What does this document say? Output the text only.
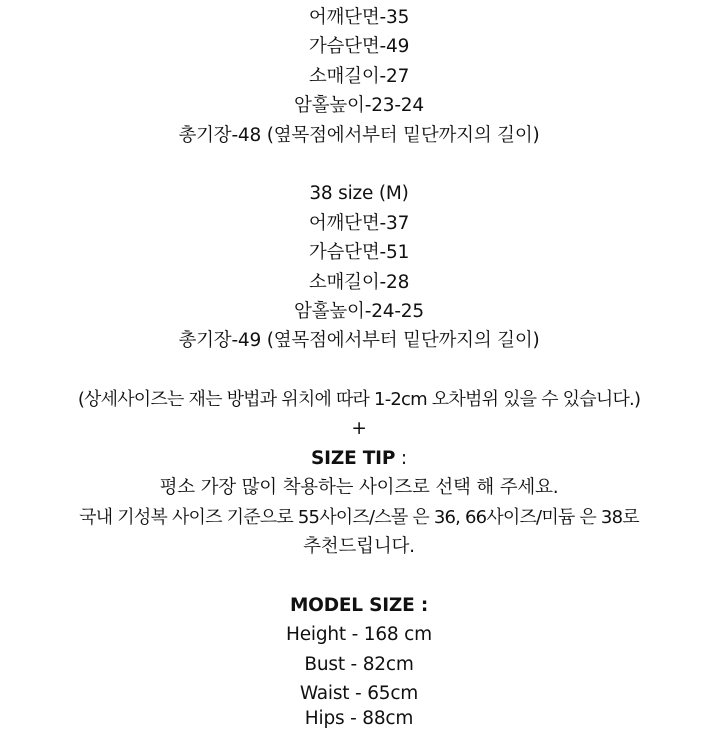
어깨단면-35
가슴단면-49
소매길이-27
암홀높이-23-24
총기장-48 (옆목점에서부터 밑단까지의 길이)
38 size (M)
어깨단면-37
가슴단면-51
소매길이-28
암홀높이-24-25
총기장-49 (옆목점에서부터 밑단까지의 길이)
(상세사이즈는 재는 방법과 위치에 따라 1-2cm 오차범위 있을 수 있습니다.)
+
SIZE TIP :
평소 가장 많이 착용하는 사이즈로 선택 해 주세요.
국내 기성복 사이즈 기준으로 55사이즈/스몰 은 36, 66사이즈/미듐 은 38로
추천드립니다.
MODEL SIZE :
Height - 168 cm
Bust - 82cm
Waist - 65cm
Hips - 88cm
